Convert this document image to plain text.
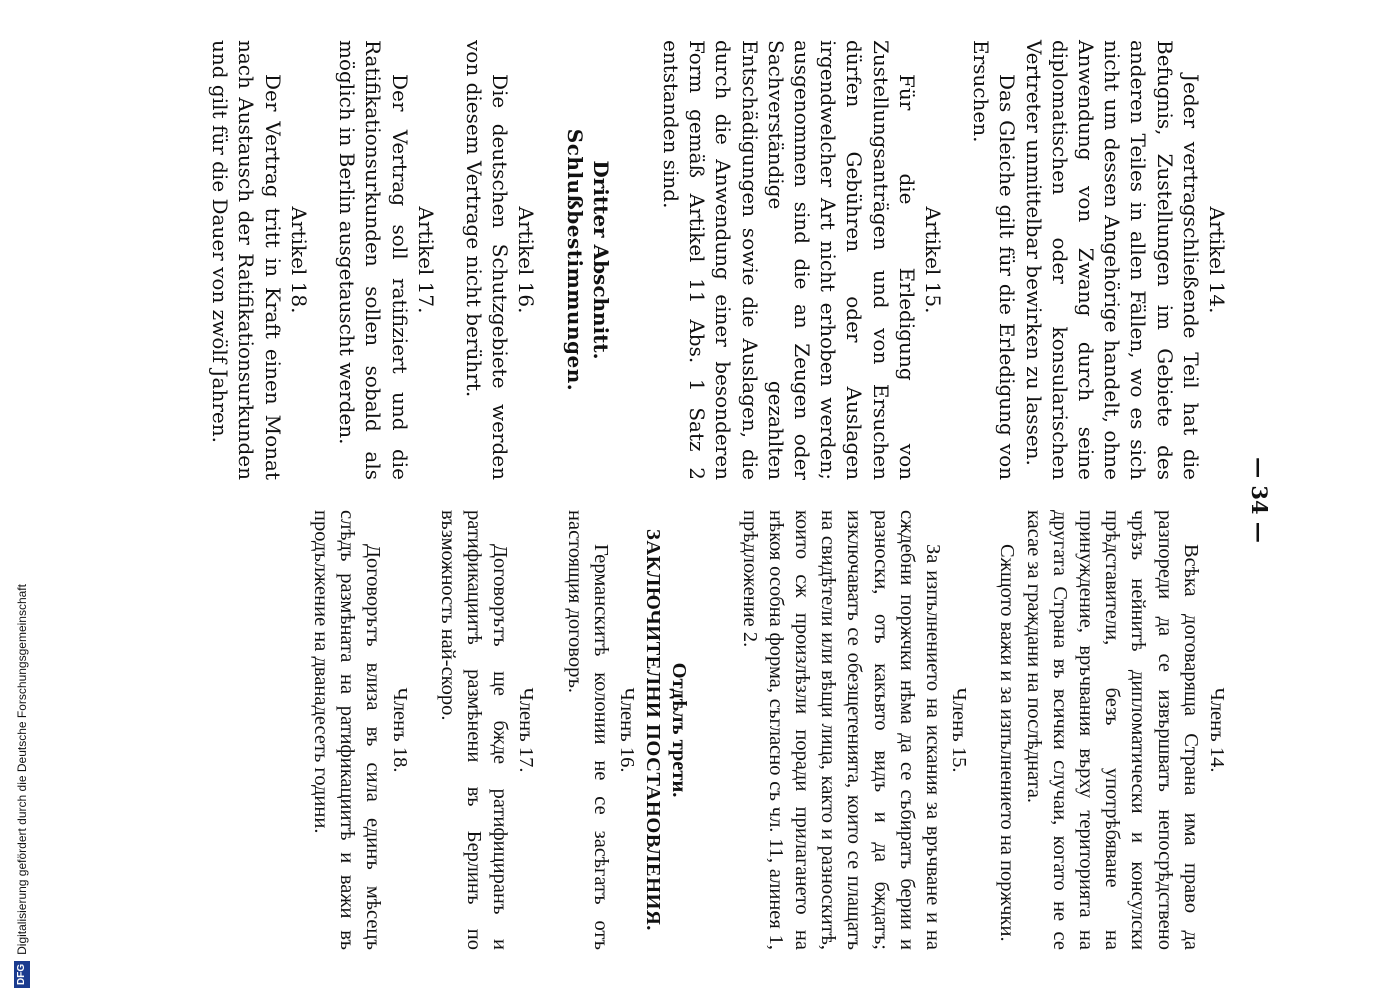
— 34 —

Artikel 14.

Jeder vertragschließende Teil hat die Befugnis, Zustellungen im Gebiete des anderen Teiles in allen Fällen, wo es sich nicht um dessen Angehörige handelt, ohne Anwendung von Zwang durch seine diplomatischen oder konsularischen Vertreter unmittelbar bewirken zu lassen.

Das Gleiche gilt für die Erledigung von Ersuchen.

Artikel 15.

Für die Erledigung von Zustellungsanträgen und von Ersuchen dürfen Gebühren oder Auslagen irgendwelcher Art nicht erhoben werden; ausgenommen sind die an Zeugen oder Sachverständige gezahlten Entschädigungen sowie die Auslagen, die durch die Anwendung einer besonderen Form gemäß Artikel 11 Abs. 1 Satz 2 entstanden sind.

Dritter Abschnitt.

Schlußbestimmungen.

Artikel 16.

Die deutschen Schutzgebiete werden von diesem Vertrage nicht berührt.

Artikel 17.

Der Vertrag soll ratifiziert und die Ratifikationsurkunden sollen sobald als möglich in Berlin ausgetauscht werden.

Artikel 18.

Der Vertrag tritt in Kraft einen Monat nach Austausch der Ratifikationsurkunden und gilt für die Dauer von zwölf Jahren.

Членъ 14.

Всѣка договаряща Страна има право да разпореди да се извършватъ непосрѣдствено чрѣзъ нейнитѣ дипломатически и консулски прѣдставители, безъ употрѣбяване на принуждение, връчвания върху територията на другата Страна въ всички случаи, когато не се касае за граждани на послѣдната.

Сжщото важи и за изпълнението на поржчки.

Членъ 15.

За изпълнението на искания за връчване и на сждебни поржчки нѣма да се събиратъ берии и разноски, отъ какъвто видъ и да бждатъ; изключаватъ се обезщетенията, които се плащатъ на свидѣтели или вѣщи лица, както и разноскитѣ, които сж произлѣзли поради прилагането на нѣкоя особна форма, съгласно съ чл. 11, алинея 1, прѣдложение 2.

Отдѣлъ трети.

ЗАКЛЮЧИТЕЛНИ ПОСТАНОВЛЕНИЯ.

Членъ 16.

Германскитѣ колонии не се засѣгатъ отъ настоящия договоръ.

Членъ 17.

Договорътъ ще бжде ратифициранъ и ратификациитѣ размѣнени въ Берлинъ по възможность най-скоро.

Членъ 18.

Договорътъ влиза въ сила единъ мѣсецъ слѣдъ размѣната на ратификациитѣ и важи въ продължение на дванадесеть години.

DFG
Digitalisierung gefördert durch die Deutsche Forschungsgemeinschaft
